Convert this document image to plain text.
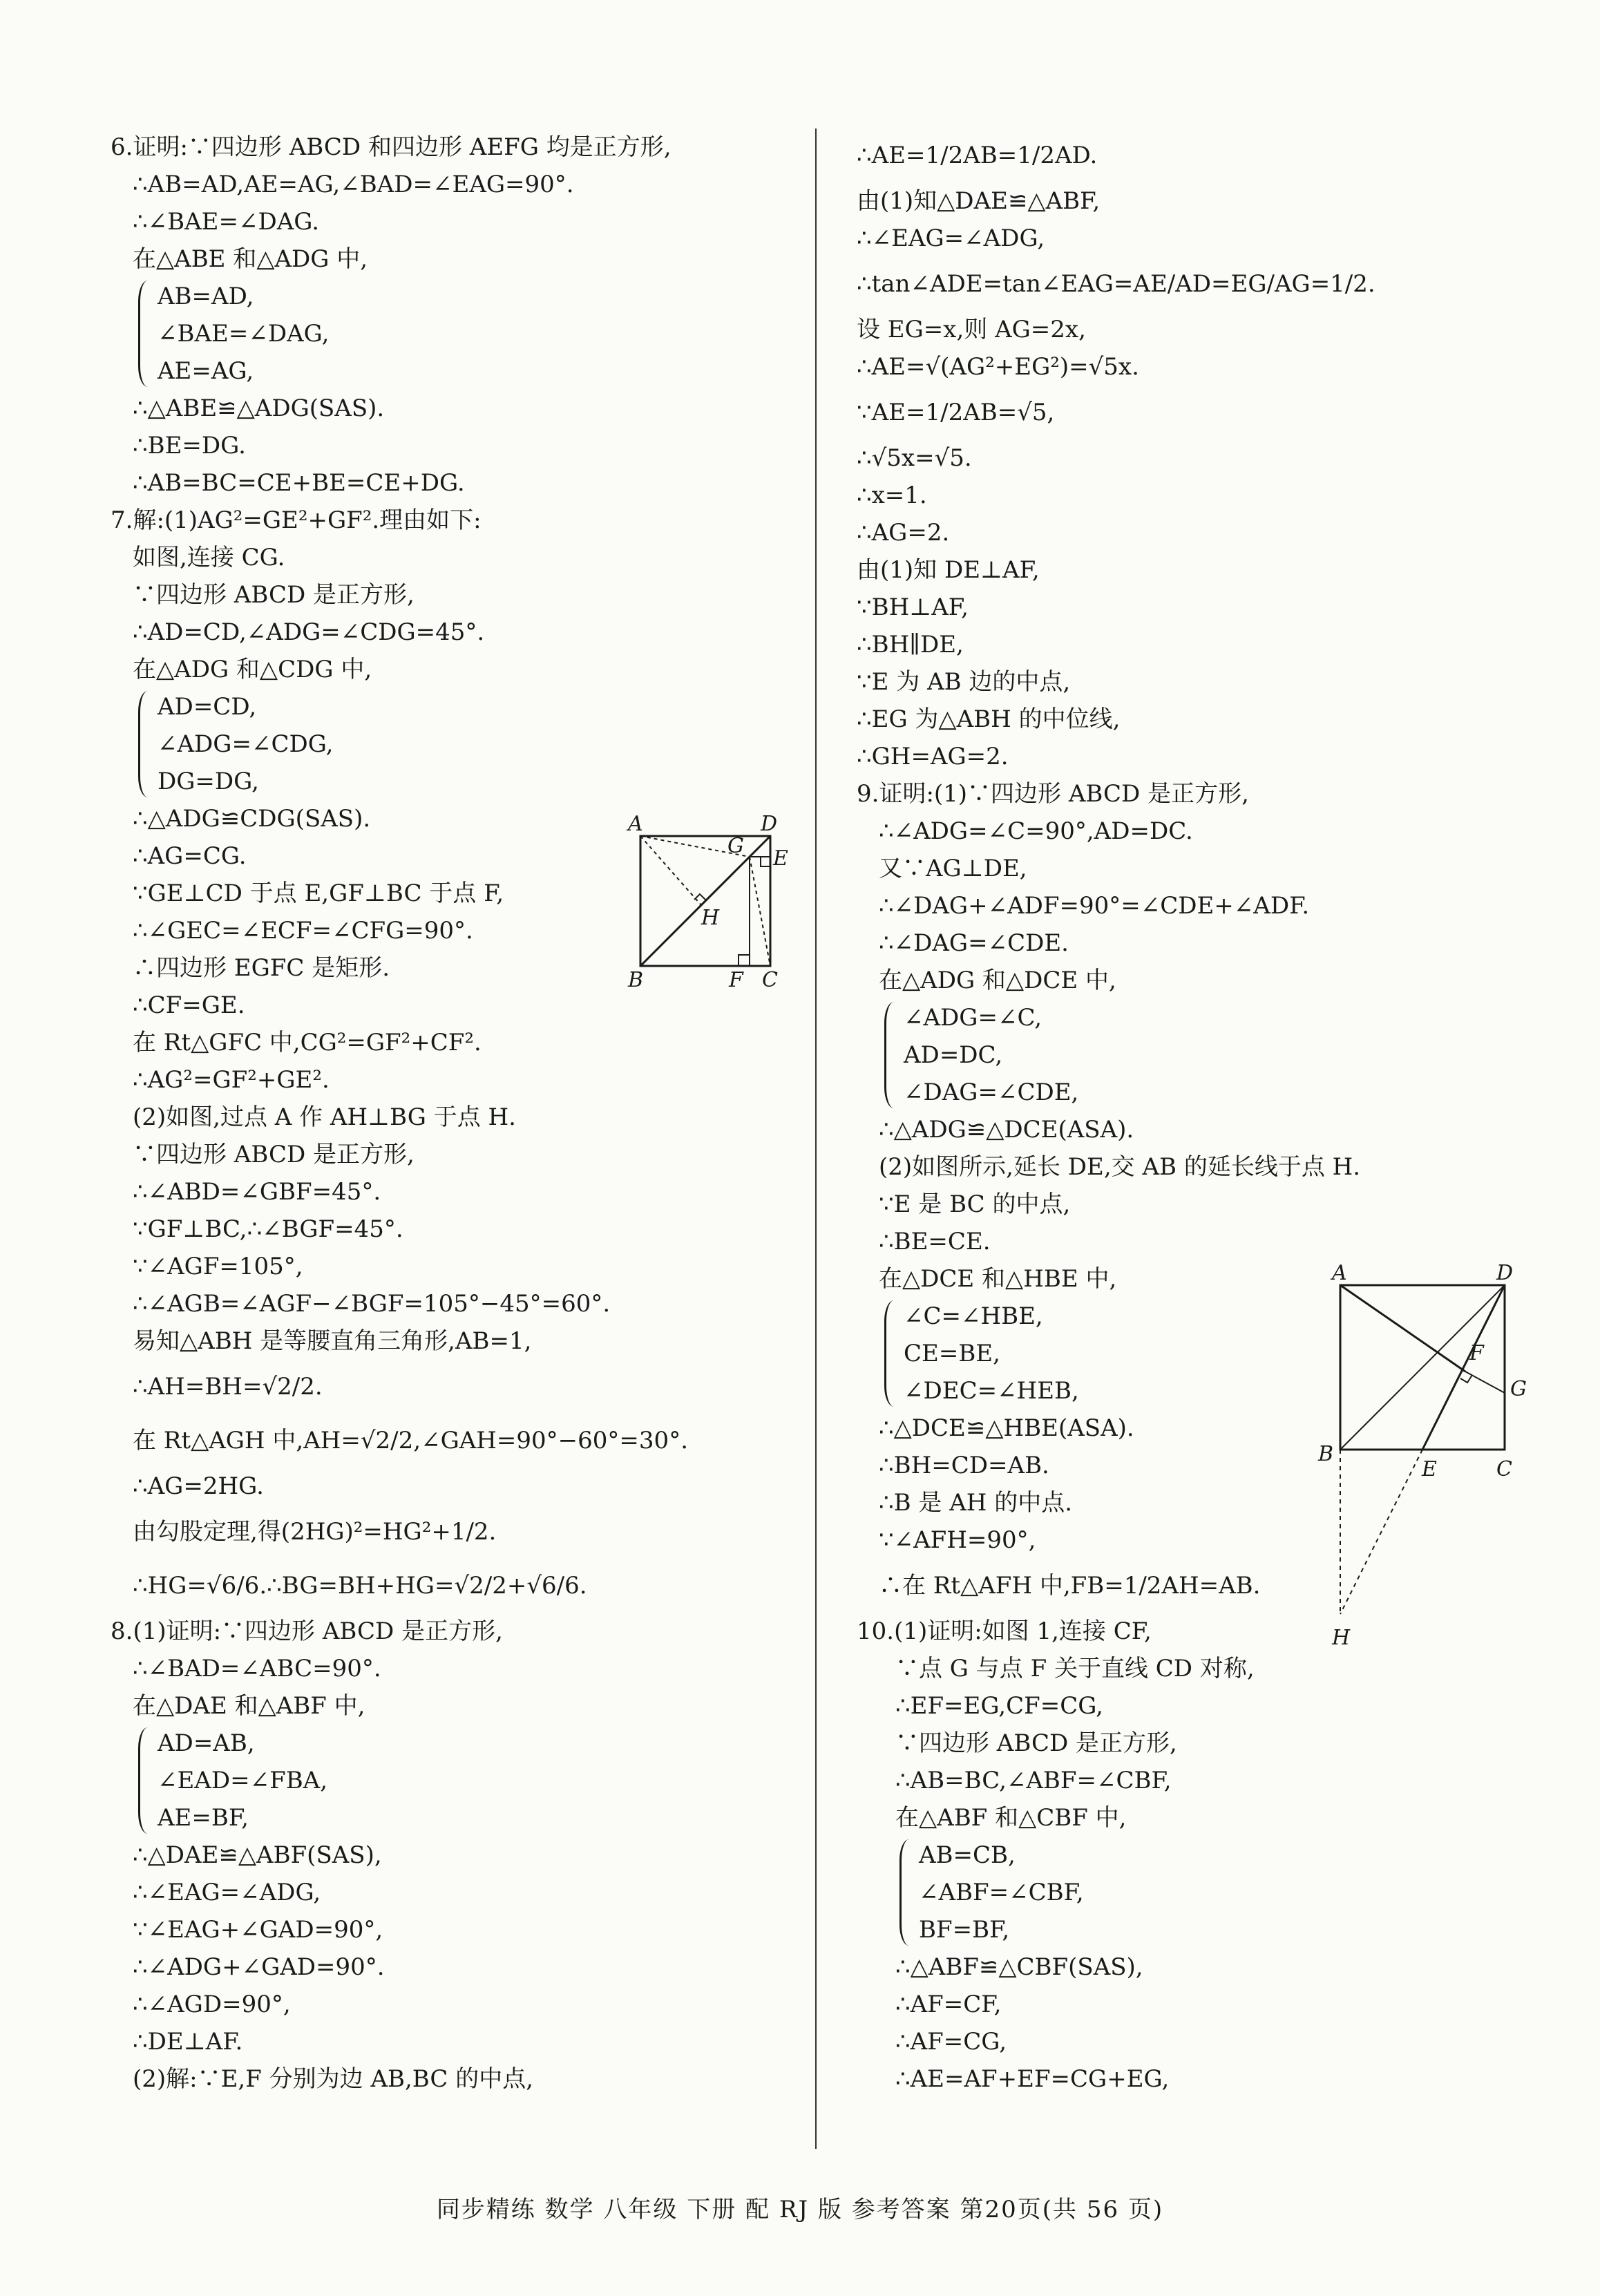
6.证明:∵四边形 ABCD 和四边形 AEFG 均是正方形,
∴AB=AD,AE=AG,∠BAD=∠EAG=90°.
∴∠BAE=∠DAG.
在△ABE 和△ADG 中,
AB=AD,
∠BAE=∠DAG,
AE=AG,
∴△ABE≌△ADG(SAS).
∴BE=DG.
∴AB=BC=CE+BE=CE+DG.
7.解:(1)AG²=GE²+GF².理由如下:
如图,连接 CG.
∵四边形 ABCD 是正方形,
∴AD=CD,∠ADG=∠CDG=45°.
在△ADG 和△CDG 中,
AD=CD,
∠ADG=∠CDG,
DG=DG,
∴△ADG≌CDG(SAS).
∴AG=CG.
∵GE⊥CD 于点 E,GF⊥BC 于点 F,
∴∠GEC=∠ECF=∠CFG=90°.
∴四边形 EGFC 是矩形.
∴CF=GE.
在 Rt△GFC 中,CG²=GF²+CF².
∴AG²=GF²+GE².
(2)如图,过点 A 作 AH⊥BG 于点 H.
∵四边形 ABCD 是正方形,
∴∠ABD=∠GBF=45°.
∵GF⊥BC,∴∠BGF=45°.
∵∠AGF=105°,
∴∠AGB=∠AGF−∠BGF=105°−45°=60°.
易知△ABH 是等腰直角三角形,AB=1,
∴AH=BH=√2/2.
在 Rt△AGH 中,AH=√2/2,∠GAH=90°−60°=30°.
∴AG=2HG.
由勾股定理,得(2HG)²=HG²+1/2.
∴HG=√6/6.∴BG=BH+HG=√2/2+√6/6.
8.(1)证明:∵四边形 ABCD 是正方形,
∴∠BAD=∠ABC=90°.
在△DAE 和△ABF 中,
AD=AB,
∠EAD=∠FBA,
AE=BF,
∴△DAE≌△ABF(SAS),
∴∠EAG=∠ADG,
∵∠EAG+∠GAD=90°,
∴∠ADG+∠GAD=90°.
∴∠AGD=90°,
∴DE⊥AF.
(2)解:∵E,F 分别为边 AB,BC 的中点,
∴AE=1/2AB=1/2AD.
由(1)知△DAE≌△ABF,
∴∠EAG=∠ADG,
∴tan∠ADE=tan∠EAG=AE/AD=EG/AG=1/2.
设 EG=x,则 AG=2x,
∴AE=√(AG²+EG²)=√5x.
∵AE=1/2AB=√5,
∴√5x=√5.
∴x=1.
∴AG=2.
由(1)知 DE⊥AF,
∵BH⊥AF,
∴BH∥DE,
∵E 为 AB 边的中点,
∴EG 为△ABH 的中位线,
∴GH=AG=2.
9.证明:(1)∵四边形 ABCD 是正方形,
∴∠ADG=∠C=90°,AD=DC.
又∵AG⊥DE,
∴∠DAG+∠ADF=90°=∠CDE+∠ADF.
∴∠DAG=∠CDE.
在△ADG 和△DCE 中,
∠ADG=∠C,
AD=DC,
∠DAG=∠CDE,
∴△ADG≌△DCE(ASA).
(2)如图所示,延长 DE,交 AB 的延长线于点 H.
∵E 是 BC 的中点,
∴BE=CE.
在△DCE 和△HBE 中,
∠C=∠HBE,
CE=BE,
∠DEC=∠HEB,
∴△DCE≌△HBE(ASA).
∴BH=CD=AB.
∴B 是 AH 的中点.
∵∠AFH=90°,
∴在 Rt△AFH 中,FB=1/2AH=AB.
10.(1)证明:如图 1,连接 CF,
∵点 G 与点 F 关于直线 CD 对称,
∴EF=EG,CF=CG,
∵四边形 ABCD 是正方形,
∴AB=BC,∠ABF=∠CBF,
在△ABF 和△CBF 中,
AB=CB,
∠ABF=∠CBF,
BF=BF,
∴△ABF≌△CBF(SAS),
∴AF=CF,
∴AF=CG,
∴AE=AF+EF=CG+EG,
A	D
G
E
H
B	F C
A	D
F
G
B
E	C
H
同步精练 数学 八年级 下册 配 RJ 版 参考答案 第20页(共 56 页)
